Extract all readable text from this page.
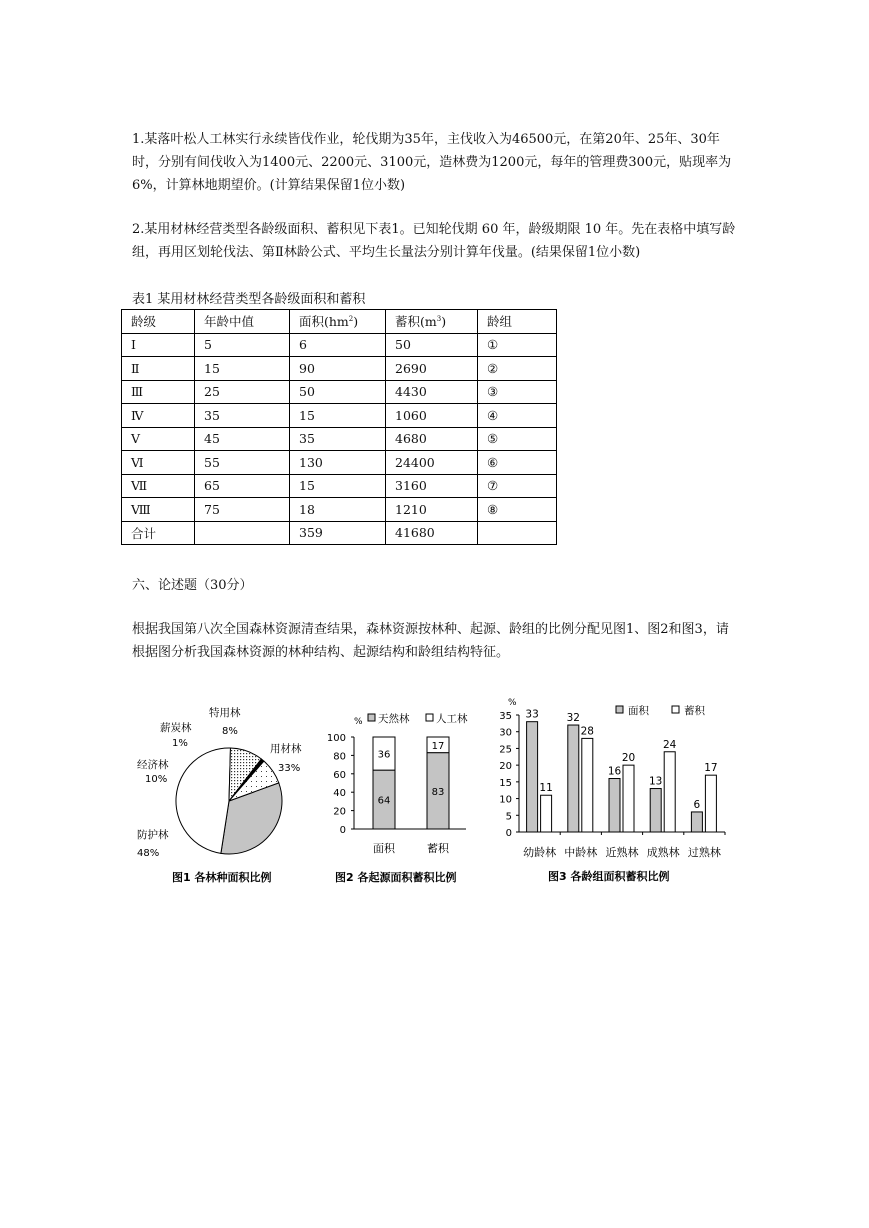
1.某落叶松人工林实行永续皆伐作业，轮伐期为35年，主伐收入为46500元，在第20年、25年、30年时，分别有间伐收入为1400元、2200元、3100元，造林费为1200元，每年的管理费300元，贴现率为6%，计算林地期望价。(计算结果保留1位小数)

2.某用材林经营类型各龄级面积、蓄积见下表1。已知轮伐期 60 年，龄级期限 10 年。先在表格中填写龄组，再用区划轮伐法、第Ⅱ林龄公式、平均生长量法分别计算年伐量。(结果保留1位小数)

表1 某用材林经营类型各龄级面积和蓄积
龄级	年龄中值	面积$(hm^2)$	蓄积$(m^3)$	龄组
Ⅰ	5	6	50	①
Ⅱ	15	90	2690	②
Ⅲ	25	50	4430	③
Ⅳ	35	15	1060	④
Ⅴ	45	35	4680	⑤
Ⅵ	55	130	24400	⑥
Ⅶ	65	15	3160	⑦
Ⅷ	75	18	1210	⑧
合计		359	41680	
六、论述题（30分）

根据我国第八次全国森林资源清查结果，森林资源按林种、起源、龄组的比例分配见图1、图2和图3，请根据图分析我国森林资源的林种结构、起源结构和龄组结构特征。

用材林
33%
防护林
48%
经济林
10%
薪炭林
1%
特用林
8%
图1 各林种面积比例
0
20
40
60
80
100
%
64
36
面积
83
17
蓄积
天然林	人工林
图2 各起源面积蓄积比例
0
5
10
15
20
25
30
35
%
33
11
幼龄林
32
28
中龄林
16
20
近熟林
13
24
成熟林
6
17
过熟林
面积	蓄积
图3 各龄组面积蓄积比例
